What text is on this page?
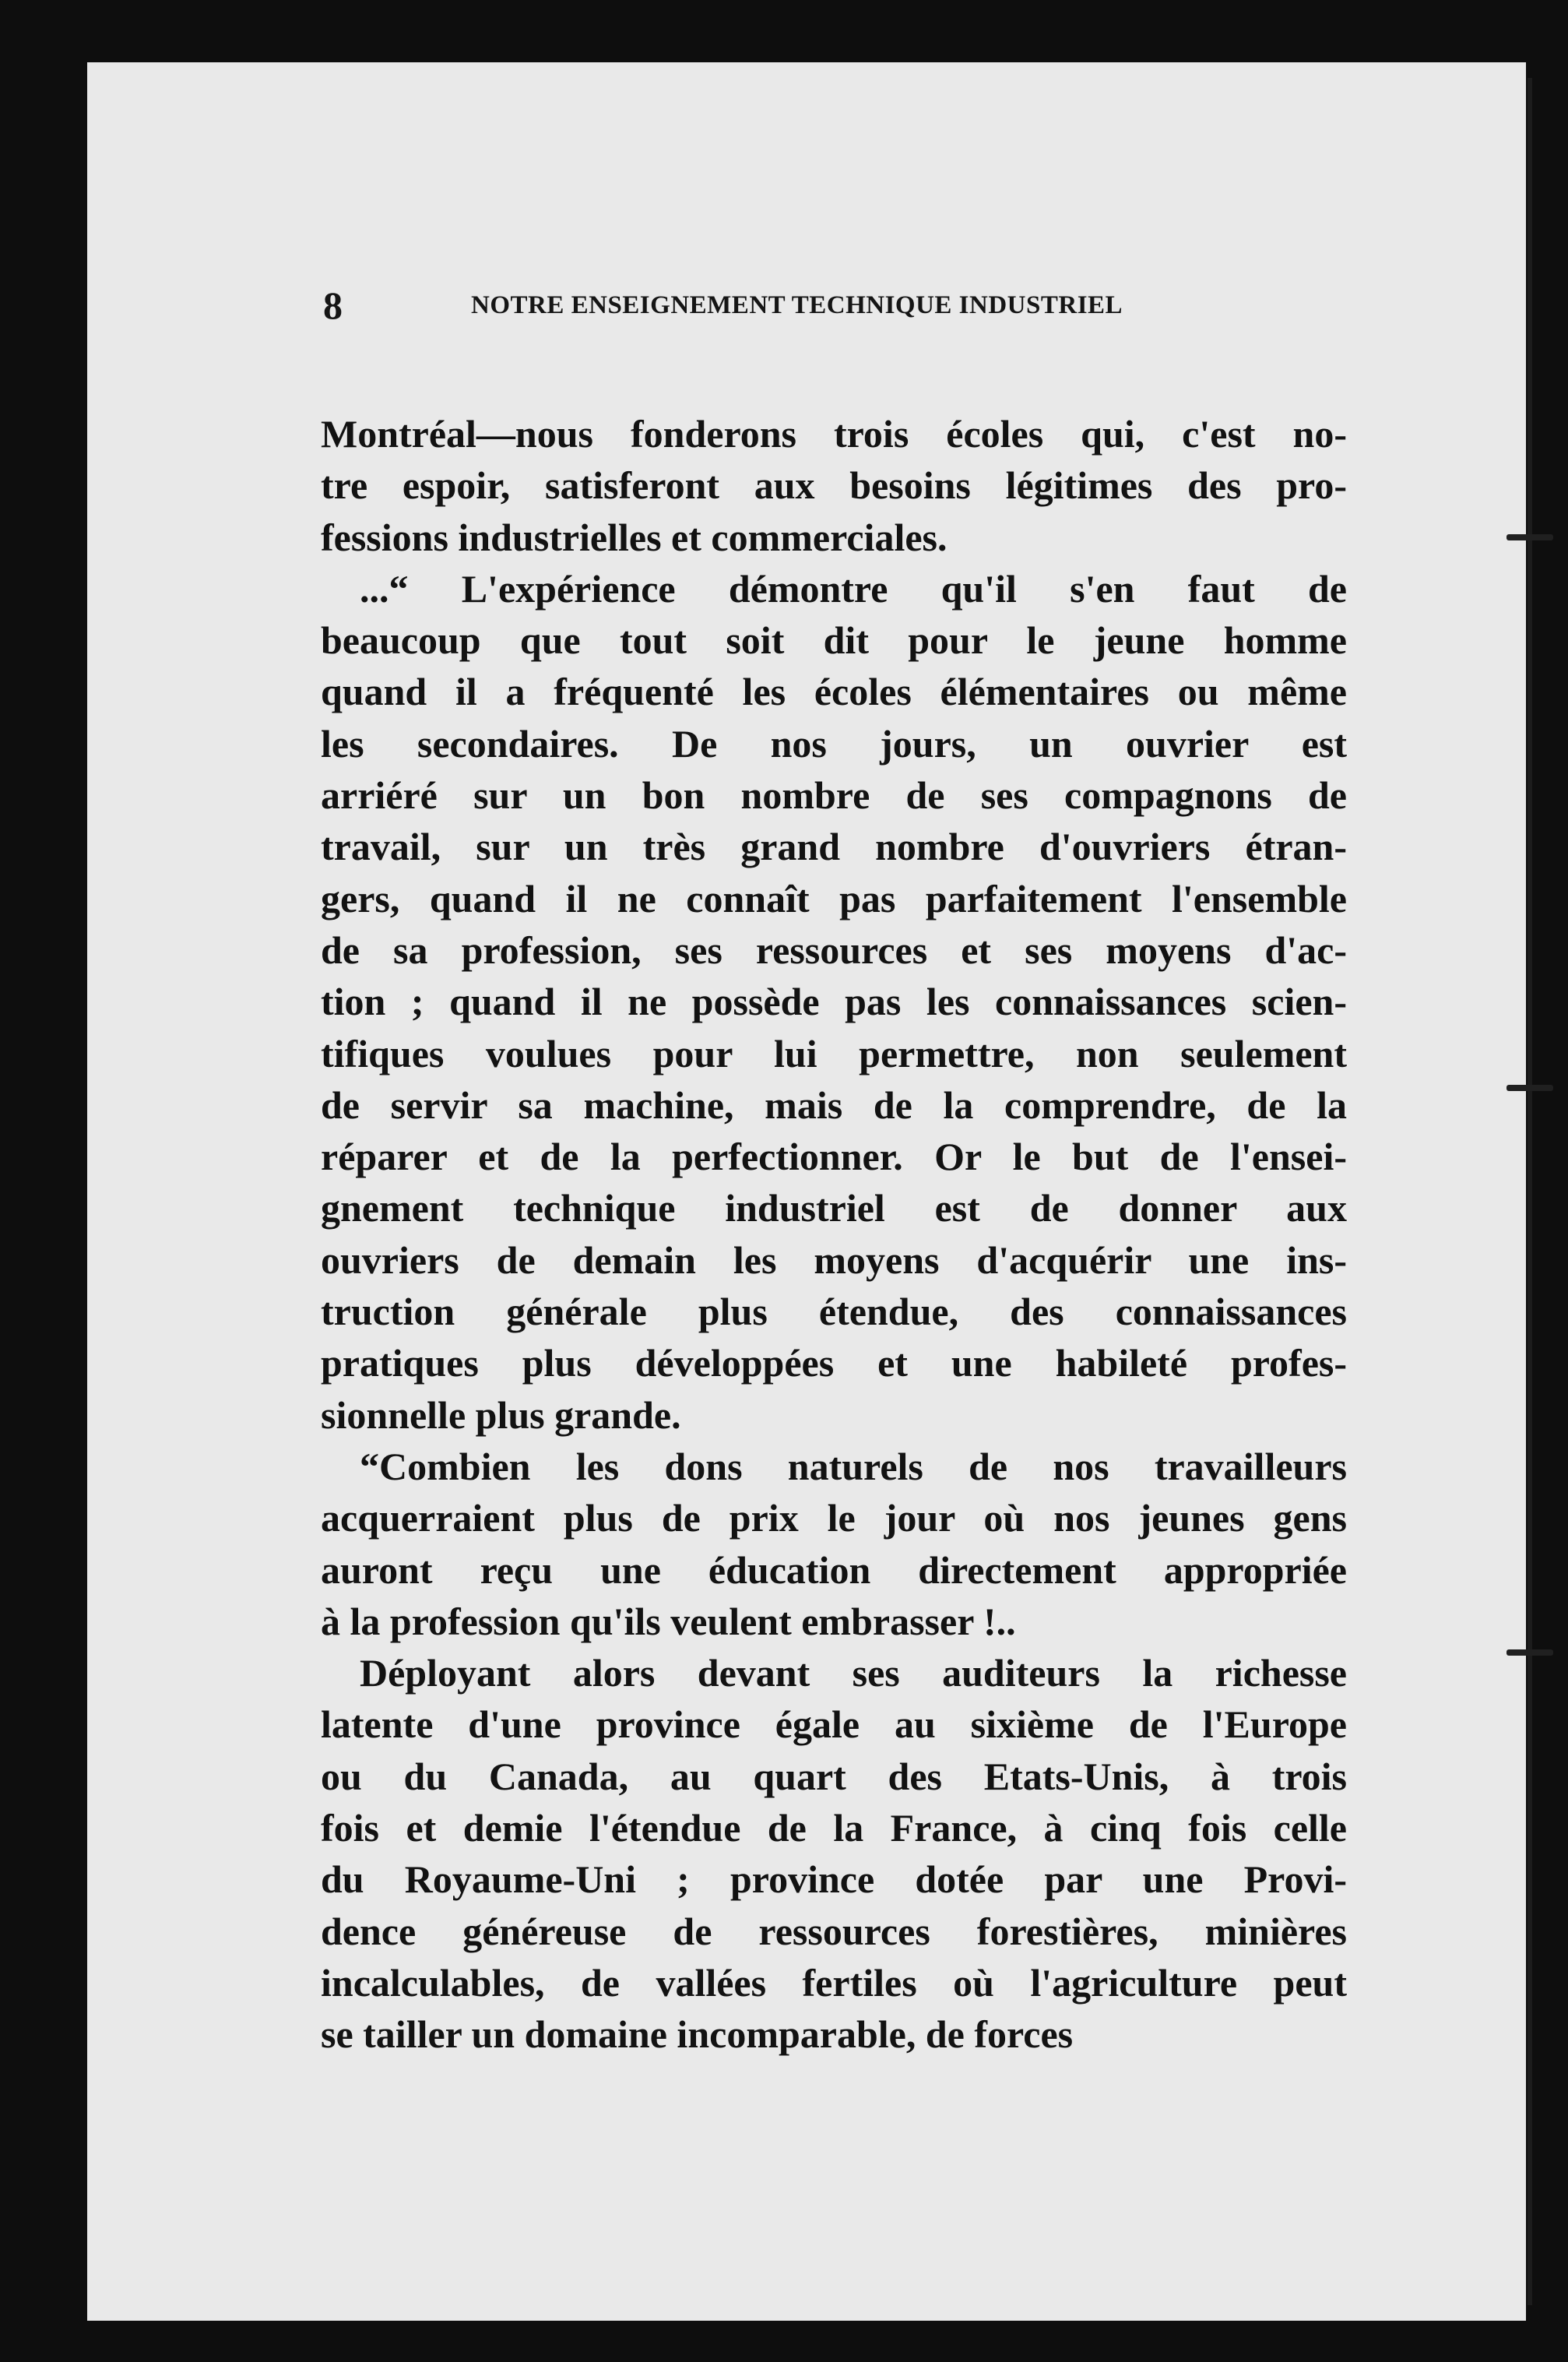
8	NOTRE ENSEIGNEMENT TECHNIQUE INDUSTRIEL
Montréal—nous fonderons trois écoles qui, c'est no-
tre espoir, satisferont aux besoins légitimes des pro-
fessions industrielles et commerciales.
...“ L'expérience démontre qu'il s'en faut de
beaucoup que tout soit dit pour le jeune homme
quand il a fréquenté les écoles élémentaires ou même
les secondaires. De nos jours, un ouvrier est
arriéré sur un bon nombre de ses compagnons de
travail, sur un très grand nombre d'ouvriers étran-
gers, quand il ne connaît pas parfaitement l'ensemble
de sa profession, ses ressources et ses moyens d'ac-
tion ; quand il ne possède pas les connaissances scien-
tifiques voulues pour lui permettre, non seulement
de servir sa machine, mais de la comprendre, de la
réparer et de la perfectionner. Or le but de l'ensei-
gnement technique industriel est de donner aux
ouvriers de demain les moyens d'acquérir une ins-
truction générale plus étendue, des connaissances
pratiques plus développées et une habileté profes-
sionnelle plus grande.
“Combien les dons naturels de nos travailleurs
acquerraient plus de prix le jour où nos jeunes gens
auront reçu une éducation directement appropriée
à la profession qu'ils veulent embrasser !..
Déployant alors devant ses auditeurs la richesse
latente d'une province égale au sixième de l'Europe
ou du Canada, au quart des Etats-Unis, à trois
fois et demie l'étendue de la France, à cinq fois celle
du Royaume-Uni ; province dotée par une Provi-
dence généreuse de ressources forestières, minières
incalculables, de vallées fertiles où l'agriculture peut
se tailler un domaine incomparable, de forces
